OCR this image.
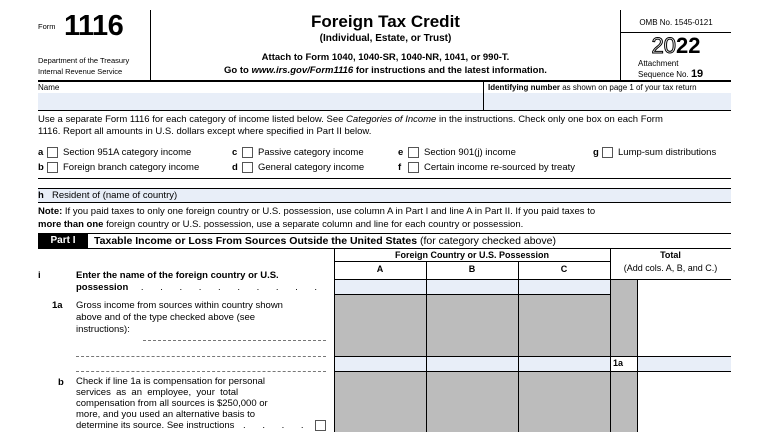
Form 1116
Department of the Treasury
Internal Revenue Service
Foreign Tax Credit
(Individual, Estate, or Trust)
Attach to Form 1040, 1040-SR, 1040-NR, 1041, or 990-T.
Go to www.irs.gov/Form1116 for instructions and the latest information.
OMB No. 1545-0121
2022
Attachment
Sequence No. 19
Name	Identifying number as shown on page 1 of your tax return
Use a separate Form 1116 for each category of income listed below. See Categories of Income in the instructions. Check only one box on each Form
1116. Report all amounts in U.S. dollars except where specified in Part II below.
a Section 951A category income
b Foreign branch category income
c Passive category income
d General category income
e Section 901(j) income
f Certain income re-sourced by treaty
g Lump-sum distributions
h Resident of (name of country)
Note: If you paid taxes to only one foreign country or U.S. possession, use column A in Part I and line A in Part II. If you paid taxes to
more than one foreign country or U.S. possession, use a separate column and line for each country or possession.
Part I	Taxable Income or Loss From Sources Outside the United States (for category checked above)
Foreign Country or U.S. Possession
A	B	C
Total
(Add cols. A, B, and C.)
1a
i	Enter the name of the foreign country or U.S.
possession . . . . . . . . . .
1a Gross income from sources within country shown
above and of the type checked above (see
instructions):
b Check if line 1a is compensation for personal
services  as  an  employee,  your  total
compensation from all sources is $250,000 or
more, and you used an alternative basis to
determine its source. See instructions . . . .
